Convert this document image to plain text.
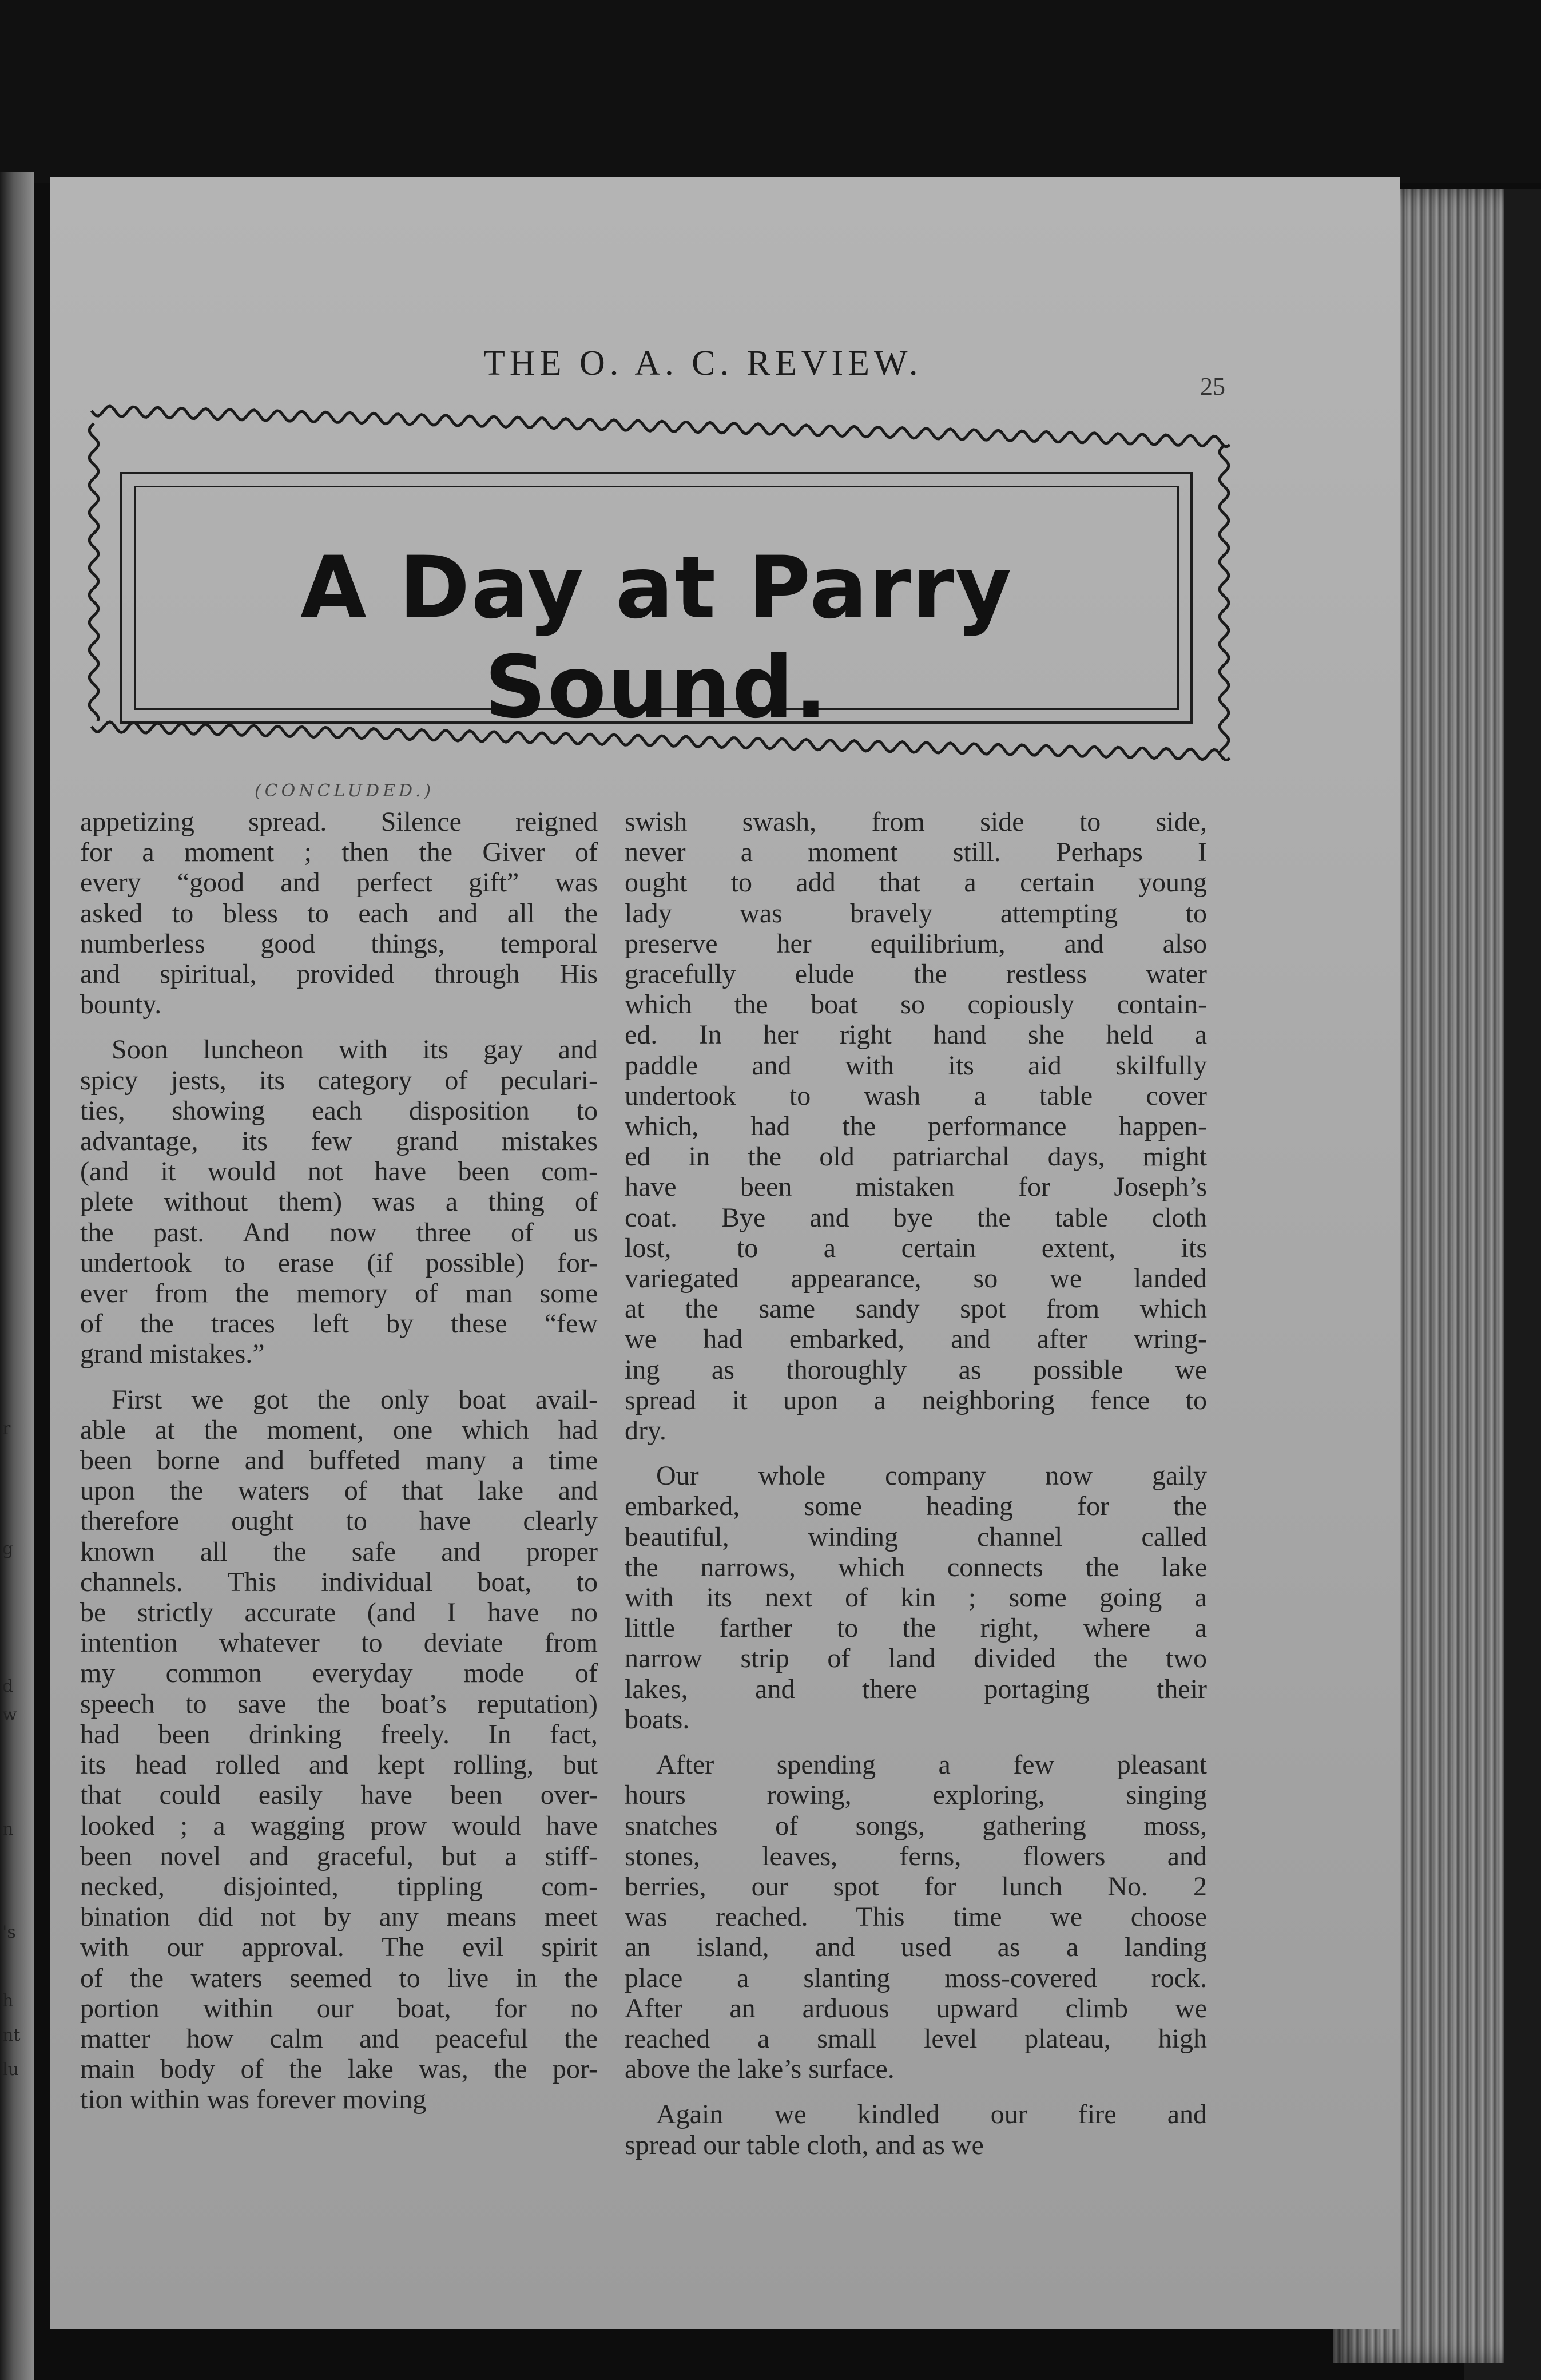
r
g
d
w
n
's
h
nt
lu
THE O. A. C. REVIEW.
25
A Day at Parry Sound.
(CONCLUDED.)

appetizing spread. Silence reigned
for a moment ; then the Giver of
every “good and perfect gift” was
asked to bless to each and all the
numberless good things, temporal
and spiritual, provided through His
bounty.

Soon luncheon with its gay and
spicy jests, its category of peculari-
ties, showing each disposition to
advantage, its few grand mistakes
(and it would not have been com-
plete without them) was a thing of
the past. And now three of us
undertook to erase (if possible) for-
ever from the memory of man some
of the traces left by these “few
grand mistakes.”

First we got the only boat avail-
able at the moment, one which had
been borne and buffeted many a time
upon the waters of that lake and
therefore ought to have clearly
known all the safe and proper
channels. This individual boat, to
be strictly accurate (and I have no
intention whatever to deviate from
my common everyday mode of
speech to save the boat’s reputation)
had been drinking freely. In fact,
its head rolled and kept rolling, but
that could easily have been over-
looked ; a wagging prow would have
been novel and graceful, but a stiff-
necked, disjointed, tippling com-
bination did not by any means meet
with our approval. The evil spirit
of the waters seemed to live in the
portion within our boat, for no
matter how calm and peaceful the
main body of the lake was, the por-
tion within was forever moving

swish swash, from side to side,
never a moment still. Perhaps I
ought to add that a certain young
lady was bravely attempting to
preserve her equilibrium, and also
gracefully elude the restless water
which the boat so copiously contain-
ed. In her right hand she held a
paddle and with its aid skilfully
undertook to wash a table cover
which, had the performance happen-
ed in the old patriarchal days, might
have been mistaken for Joseph’s
coat. Bye and bye the table cloth
lost, to a certain extent, its
variegated appearance, so we landed
at the same sandy spot from which
we had embarked, and after wring-
ing as thoroughly as possible we
spread it upon a neighboring fence to
dry.

Our whole company now gaily
embarked, some heading for the
beautiful, winding channel called
the narrows, which connects the lake
with its next of kin ; some going a
little farther to the right, where a
narrow strip of land divided the two
lakes, and there portaging their
boats.

After spending a few pleasant
hours rowing, exploring, singing
snatches of songs, gathering moss,
stones, leaves, ferns, flowers and
berries, our spot for lunch No. 2
was reached. This time we choose
an island, and used as a landing
place a slanting moss-covered rock.
After an arduous upward climb we
reached a small level plateau, high
above the lake’s surface.

Again we kindled our fire and
spread our table cloth, and as we
